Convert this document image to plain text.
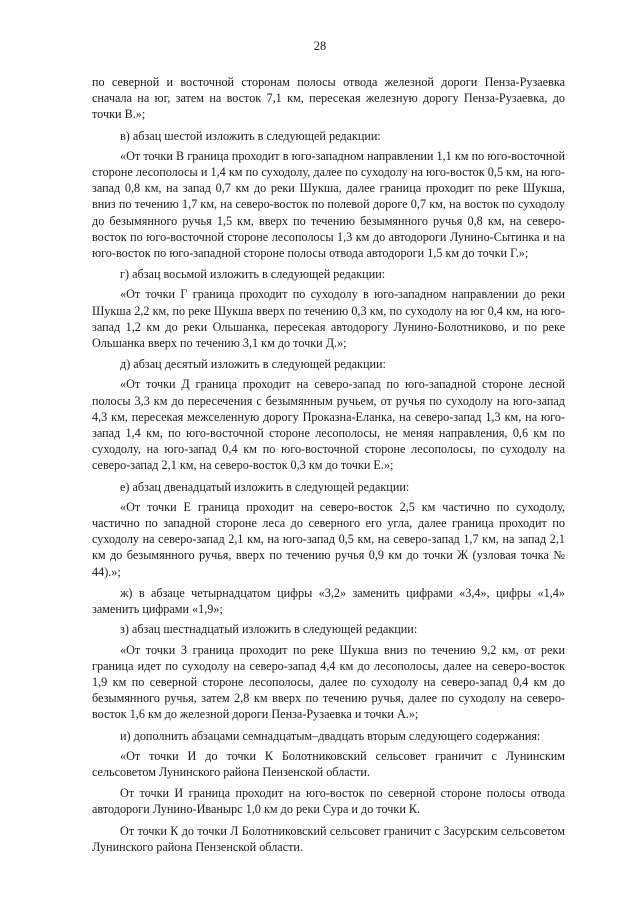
28

по северной и восточной сторонам полосы отвода железной дороги Пенза-Рузаевка сначала на юг, затем на восток 7,1 км, пересекая железную дорогу Пенза-Рузаевка, до точки В.»;

в) абзац шестой изложить в следующей редакции:

«От точки В граница проходит в юго-западном направлении 1,1 км по юго-восточной стороне лесополосы и 1,4 км по суходолу, далее по суходолу на юго-восток 0,5 км, на юго-запад 0,8 км, на запад 0,7 км до реки Шукша, далее граница проходит по реке Шукша, вниз по течению 1,7 км, на северо-восток по полевой дороге 0,7 км, на восток по суходолу до безымянного ручья 1,5 км, вверх по течению безымянного ручья 0,8 км, на северо-восток по юго-восточной стороне лесополосы 1,3 км до автодороги Лунино-Сытинка и на юго-восток по юго-западной стороне полосы отвода автодороги 1,5 км до точки Г.»;

г) абзац восьмой изложить в следующей редакции:

«От точки Г граница проходит по суходолу в юго-западном направлении до реки Шукша 2,2 км, по реке Шукша вверх по течению 0,3 км, по суходолу на юг 0,4 км, на юго-запад 1,2 км до реки Ольшанка, пересекая автодорогу Лунино-Болотниково, и по реке Ольшанка вверх по течению 3,1 км до точки Д.»;

д) абзац десятый изложить в следующей редакции:

«От точки Д граница проходит на северо-запад по юго-западной стороне лесной полосы 3,3 км до пересечения с безымянным ручьем, от ручья по суходолу на юго-запад 4,3 км, пересекая межселенную дорогу Проказна-Еланка, на северо-запад 1,3 км, на юго-запад 1,4 км, по юго-восточной стороне лесополосы, не меняя направления, 0,6 км по суходолу, на юго-запад 0,4 км по юго-восточной стороне лесополосы, по суходолу на северо-запад 2,1 км, на северо-восток 0,3 км до точки Е.»;

е) абзац двенадцатый изложить в следующей редакции:

«От точки Е граница проходит на северо-восток 2,5 км частично по суходолу, частично по западной стороне леса до северного его угла, далее граница проходит по суходолу на северо-запад 2,1 км, на юго-запад 0,5 км, на северо-запад 1,7 км, на запад 2,1 км до безымянного ручья, вверх по течению ручья 0,9 км до точки Ж (узловая точка № 44).»;

ж) в абзаце четырнадцатом цифры «3,2» заменить цифрами «3,4», цифры «1,4» заменить цифрами «1,9»;

з) абзац шестнадцатый изложить в следующей редакции:

«От точки З граница проходит по реке Шукша вниз по течению 9,2 км, от реки граница идет по суходолу на северо-запад 4,4 км до лесополосы, далее на северо-восток 1,9 км по северной стороне лесополосы, далее по суходолу на северо-запад 0,4 км до безымянного ручья, затем 2,8 км вверх по течению ручья, далее по суходолу на северо-восток 1,6 км до железной дороги Пенза-Рузаевка и точки А.»;

и) дополнить абзацами семнадцатым–двадцать вторым следующего содержания:

«От точки И до точки К Болотниковский сельсовет граничит с Лунинским сельсоветом Лунинского района Пензенской области.

От точки И граница проходит на юго-восток по северной стороне полосы отвода автодороги Лунино-Иванырс 1,0 км до реки Сура и до точки К.

От точки К до точки Л Болотниковский сельсовет граничит с Засурским сельсоветом Лунинского района Пензенской области.
